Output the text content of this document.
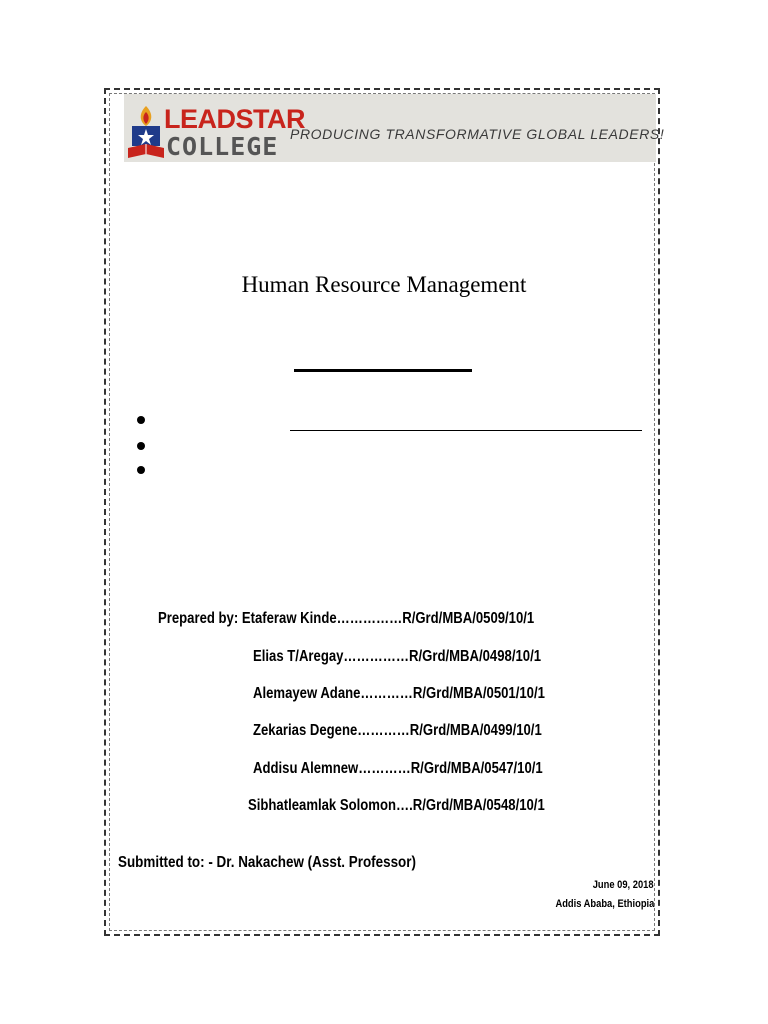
LEADSTAR
COLLEGE PRODUCING TRANSFORMATIVE GLOBAL LEADERS!
Human Resource Management
Prepared by: Etaferaw Kinde……………R/Grd/MBA/0509/10/1
Elias T/Aregay……………R/Grd/MBA/0498/10/1
Alemayew Adane…………R/Grd/MBA/0501/10/1
Zekarias Degene…………R/Grd/MBA/0499/10/1
Addisu Alemnew…………R/Grd/MBA/0547/10/1
Sibhatleamlak Solomon….R/Grd/MBA/0548/10/1
Submitted to: - Dr. Nakachew (Asst. Professor)
June 09, 2018
Addis Ababa, Ethiopia
